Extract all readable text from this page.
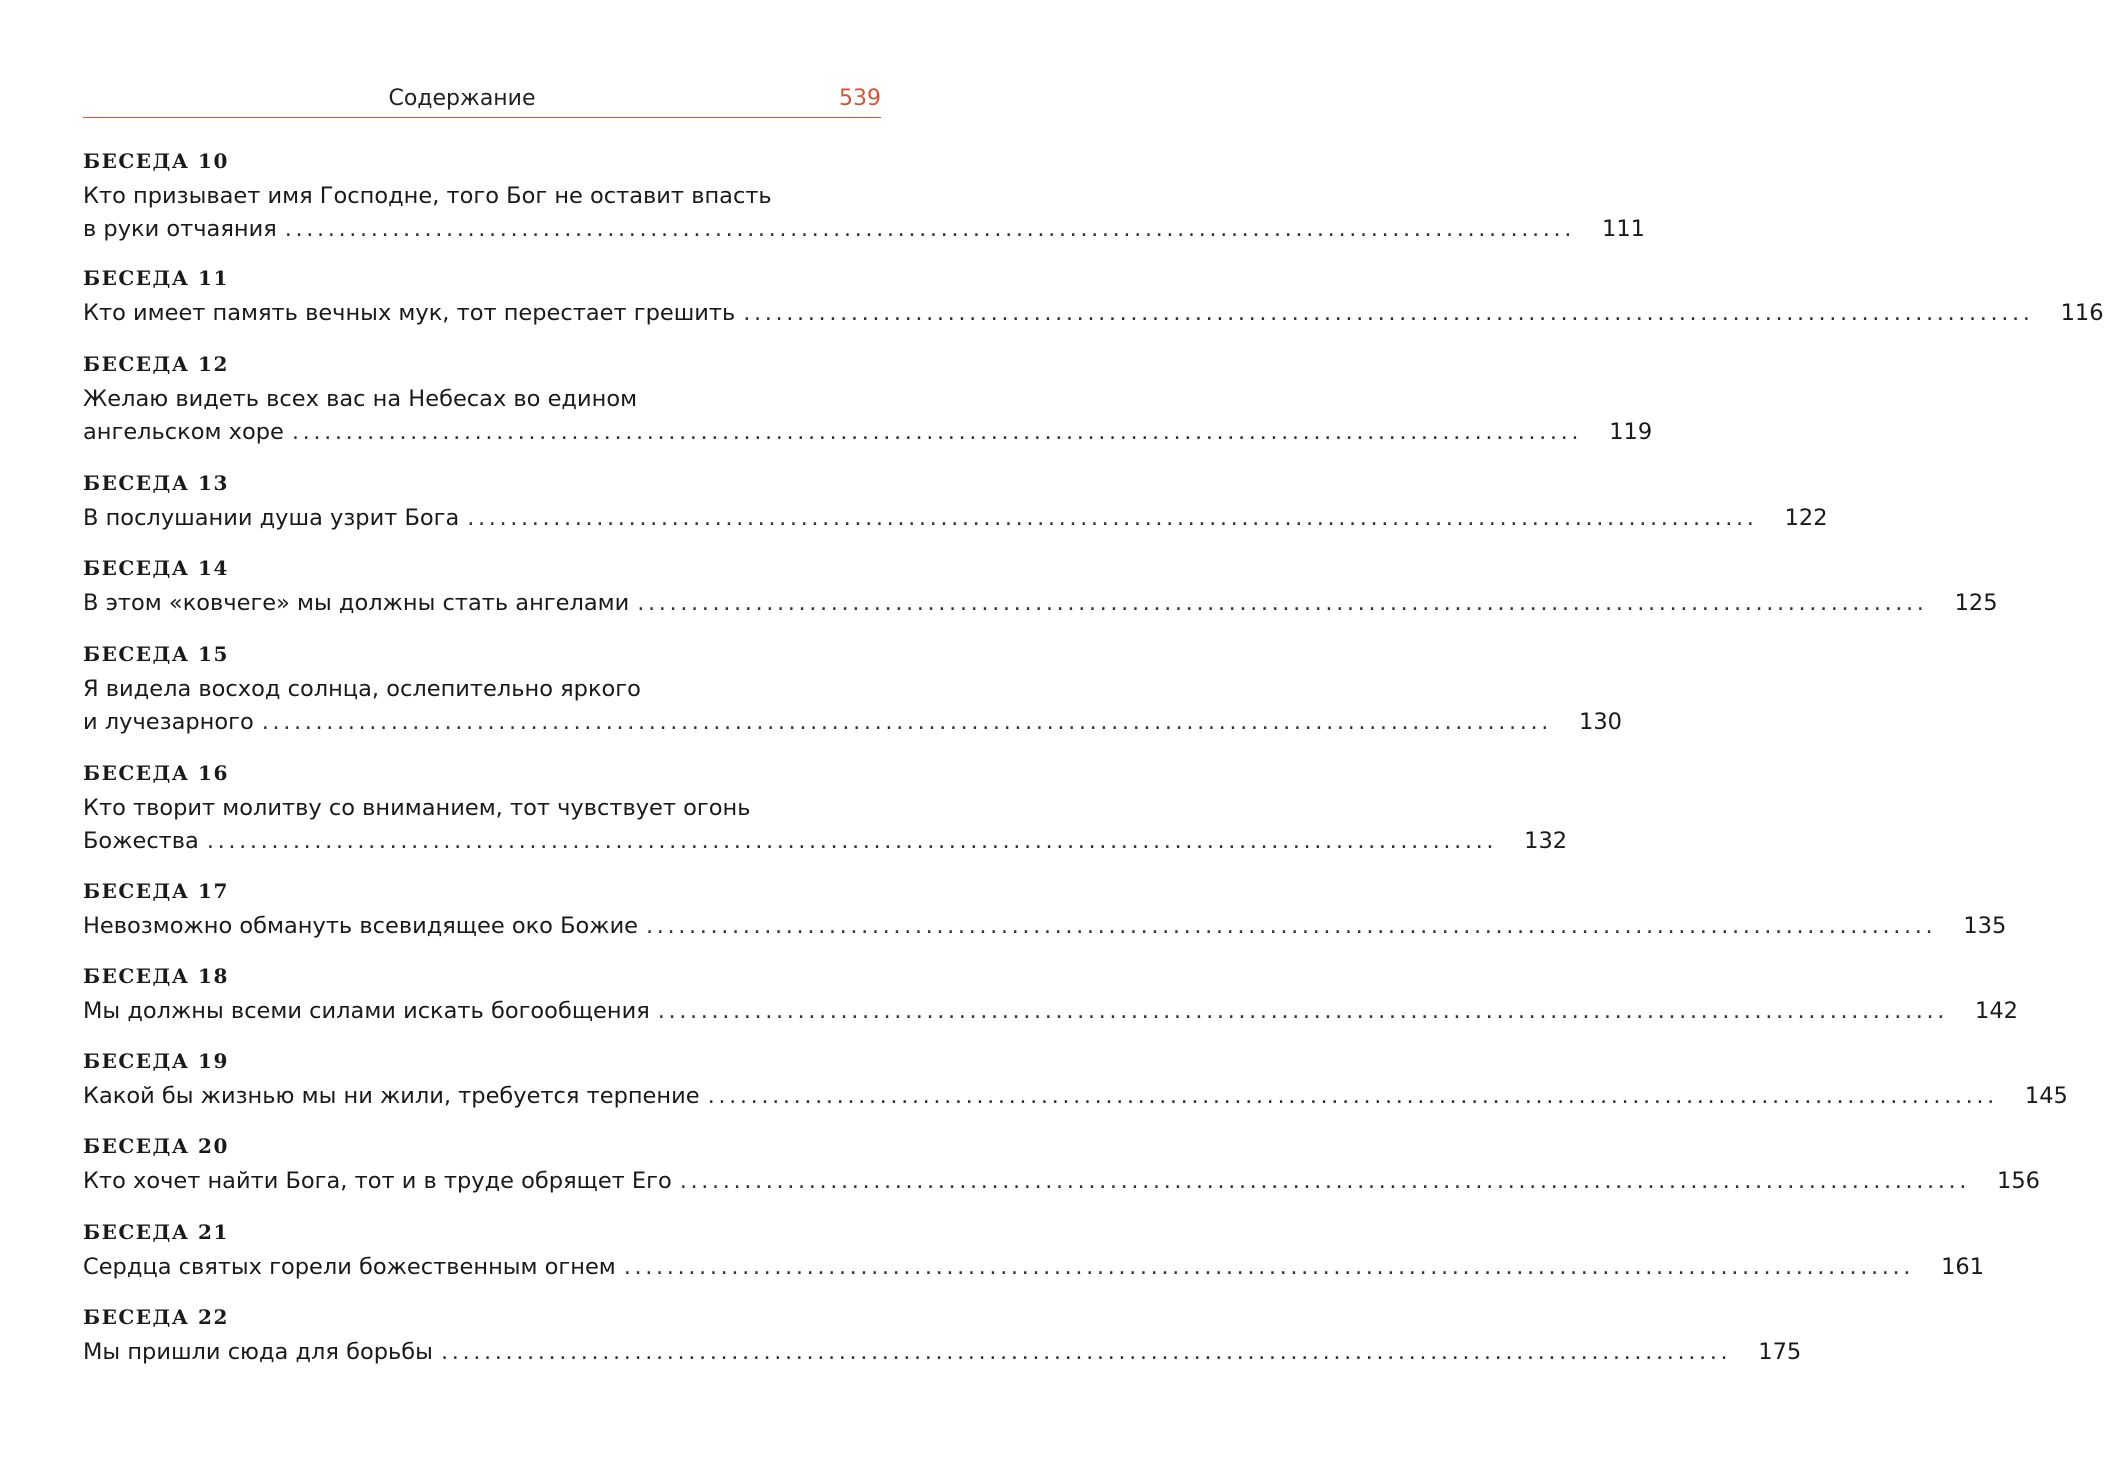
Содержание	539
БЕСЕДА 10
Кто призывает имя Господне, того Бог не оставит впасть
в руки отчаяния ........................................................................................................................ 111
БЕСЕДА 11
Кто имеет память вечных мук, тот перестает грешить ........................................................................................................................ 116
БЕСЕДА 12
Желаю видеть всех вас на Небесах во едином
ангельском хоре ........................................................................................................................ 119
БЕСЕДА 13
В послушании душа узрит Бога ........................................................................................................................ 122
БЕСЕДА 14
В этом «ковчеге» мы должны стать ангелами ........................................................................................................................ 125
БЕСЕДА 15
Я видела восход солнца, ослепительно яркого
и лучезарного ........................................................................................................................ 130
БЕСЕДА 16
Кто творит молитву со вниманием, тот чувствует огонь
Божества ........................................................................................................................ 132
БЕСЕДА 17
Невозможно обмануть всевидящее око Божие ........................................................................................................................ 135
БЕСЕДА 18
Мы должны всеми силами искать богообщения ........................................................................................................................ 142
БЕСЕДА 19
Какой бы жизнью мы ни жили, требуется терпение ........................................................................................................................ 145
БЕСЕДА 20
Кто хочет найти Бога, тот и в труде обрящет Его ........................................................................................................................ 156
БЕСЕДА 21
Сердца святых горели божественным огнем ........................................................................................................................ 161
БЕСЕДА 22
Мы пришли сюда для борьбы ........................................................................................................................ 175
